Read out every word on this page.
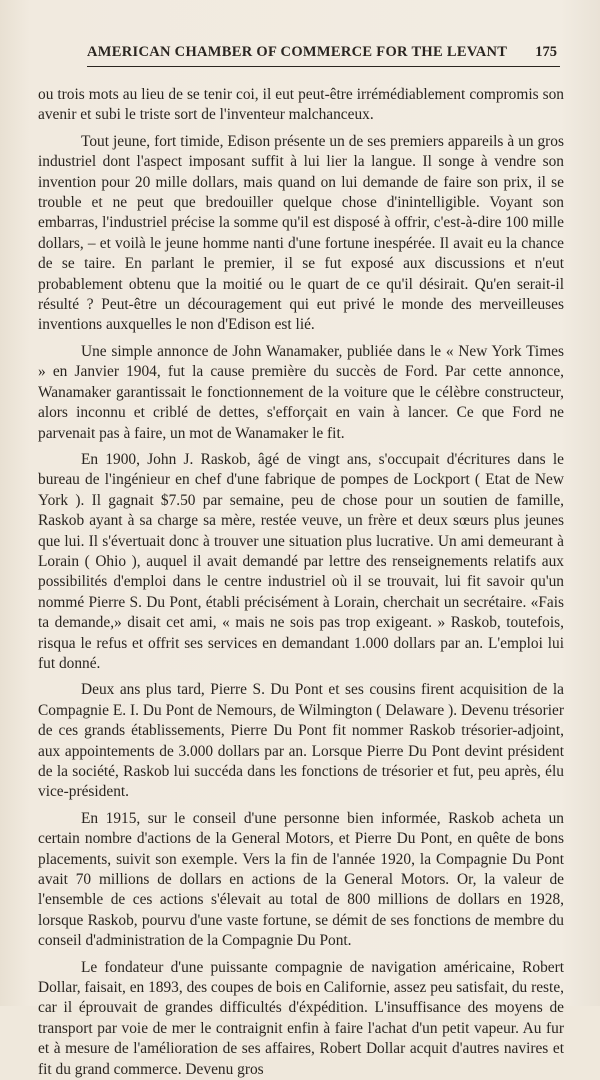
AMERICAN CHAMBER OF COMMERCE FOR THE LEVANT 175

ou trois mots au lieu de se tenir coi, il eut peut-être irrémédiablement compromis son avenir et subi le triste sort de l'inventeur malchanceux.

Tout jeune, fort timide, Edison présente un de ses premiers appareils à un gros industriel dont l'aspect imposant suffit à lui lier la langue. Il songe à vendre son invention pour 20 mille dollars, mais quand on lui demande de faire son prix, il se trouble et ne peut que bredouiller quelque chose d'inintelligible. Voyant son embarras, l'industriel précise la somme qu'il est disposé à offrir, c'est-à-dire 100 mille dollars, – et voilà le jeune homme nanti d'une fortune inespérée. Il avait eu la chance de se taire. En parlant le premier, il se fut exposé aux discussions et n'eut probablement obtenu que la moitié ou le quart de ce qu'il désirait. Qu'en serait-il résulté ? Peut-être un découragement qui eut privé le monde des merveilleuses inventions auxquelles le non d'Edison est lié.

Une simple annonce de John Wanamaker, publiée dans le « New York Times » en Janvier 1904, fut la cause première du succès de Ford. Par cette annonce, Wanamaker garantissait le fonctionnement de la voiture que le célèbre constructeur, alors inconnu et criblé de dettes, s'efforçait en vain à lancer. Ce que Ford ne parvenait pas à faire, un mot de Wanamaker le fit.

En 1900, John J. Raskob, âgé de vingt ans, s'occupait d'écritures dans le bureau de l'ingénieur en chef d'une fabrique de pompes de Lockport ( Etat de New York ). Il gagnait $7.50 par semaine, peu de chose pour un soutien de famille, Raskob ayant à sa charge sa mère, restée veuve, un frère et deux sœurs plus jeunes que lui. Il s'évertuait donc à trouver une situation plus lucrative. Un ami demeurant à Lorain ( Ohio ), auquel il avait demandé par lettre des renseignements relatifs aux possibilités d'emploi dans le centre industriel où il se trouvait, lui fit savoir qu'un nommé Pierre S. Du Pont, établi précisément à Lorain, cherchait un secrétaire. «Fais ta demande,» disait cet ami, « mais ne sois pas trop exigeant. » Raskob, toutefois, risqua le refus et offrit ses services en demandant 1.000 dollars par an. L'emploi lui fut donné.

Deux ans plus tard, Pierre S. Du Pont et ses cousins firent acquisition de la Compagnie E. I. Du Pont de Nemours, de Wilmington ( Delaware ). Devenu trésorier de ces grands établissements, Pierre Du Pont fit nommer Raskob trésorier-adjoint, aux appointements de 3.000 dollars par an. Lorsque Pierre Du Pont devint président de la société, Raskob lui succéda dans les fonctions de trésorier et fut, peu après, élu vice-président.

En 1915, sur le conseil d'une personne bien informée, Raskob acheta un certain nombre d'actions de la General Motors, et Pierre Du Pont, en quête de bons placements, suivit son exemple. Vers la fin de l'année 1920, la Compagnie Du Pont avait 70 millions de dollars en actions de la General Motors. Or, la valeur de l'ensemble de ces actions s'élevait au total de 800 millions de dollars en 1928, lorsque Raskob, pourvu d'une vaste fortune, se démit de ses fonctions de membre du conseil d'administration de la Compagnie Du Pont.

Le fondateur d'une puissante compagnie de navigation américaine, Robert Dollar, faisait, en 1893, des coupes de bois en Californie, assez peu satisfait, du reste, car il éprouvait de grandes difficultés d'éxpédition. L'insuffisance des moyens de transport par voie de mer le contraignit enfin à faire l'achat d'un petit vapeur. Au fur et à mesure de l'amélioration de ses affaires, Robert Dollar acquit d'autres navires et fit du grand commerce. Devenu gros
